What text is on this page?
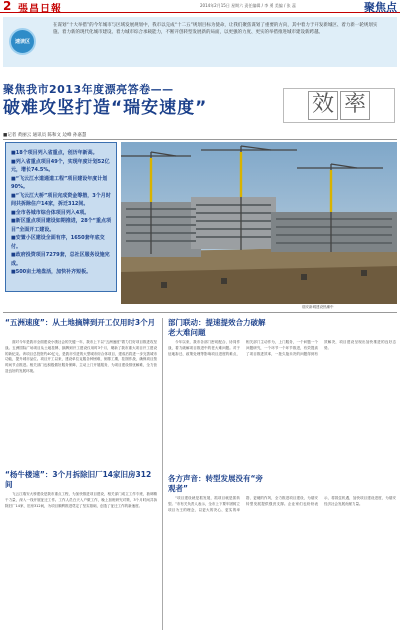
2 張昌日報	2014年2月15日 星期六 责任编辑 / 李 勇 美编 / 张 蕊	聚焦点
速读区
在谋划“十大举措”的今年城市与区域发展规划中，我市以完成“十二五”规划目标为使命，让我们聚焦谋划了重要的方向，其中着力于开发新城区、着力新一轮规划实施、着力新的现代化城市建设、着力城市综合承载能力，不断开创转型发展新的局面，以更强的力度、更实的举措推进城市建设新跨越。
聚焦我市2013年度漂亮答卷——
破难攻坚打造“瑞安速度”	效 率
■记者 黄丽云 通讯员 陈和文 边峰 孙嘉慧

■18个项目列入省重点，创历年新高。

■列入省重点项目49个，实现年度计划52亿元，增长74.5%。

■“飞云江水道通道工程”项目建设年度计划90%。

■“飞云江大桥”项目完成资金筹措，3个月时间共拆除住户14家，拆迁312间。

■全市各城市综合体项目列入4项。

■新区重点项目建设如期推进，28个“重点项目”全面开工建设。

■安置小区建设全面有序，1650套年底交付。

■政府投资项目7279套，总社区服务设施完成。

■500亩土地盘活，加快补齐短板。

瑞安新城建设热潮中
“五洲速度”：从土地摘牌到开工仅用时3个月

面对今年是我市全面建设小康社会的关键一年，我市上下以“五洲速度”着力打好项目推进攻坚战。五洲国际广场项目从土地挂牌、摘牌到开工建设仅用时3个月，刷新了我市重大项目开工建设的新纪录。该项目总投资约40亿元，是我市引进的大型城市综合体项目，建成后将进一步完善城市功能，提升城市品位。项目开工以来，建设单位克服各种困难，倒排工期，挂图作战，确保项目按时间节点推进。相关部门也积极做好服务保障，主动上门开展服务，为项目建设排忧解难，全力营造良好的发展环境。

“杨牛楼速”：3个月拆除旧厂14家旧房312间

飞云江瑞安大桥建设是我市重点工程，为加快推进项目建设，相关部门成立工作专班，抽调精干力量，深入一线开展征迁工作。工作人员白天入户做工作，晚上加班研究对策，3个月时间共拆除旧厂14家、旧房312间，为项目顺利推进奠定了坚实基础，创造了征迁工作的新速度。

部门联动：提速提效合力破解老大难问题

今年以来，我市各部门密切配合、协同作战，着力破解项目推进中的老大难问题。对于征地拆迁、政策处理等影响项目进度的难点，相关部门主动作为，上门服务，一个问题一个问题研究，一个环节一个环节推进，有效提高了项目推进效率，一批久拖未决的问题得到有效解决，项目建设呈现出加快推进的良好态势。

各方声音：转型发展没有“旁观者”

“项目建设就是抓发展，抓项目就是抓转型。”市有关负责人表示，全市上下要牢固树立项目为王的理念，以更大的决心、更实的举措、更硬的作风，全力推进项目建设，为瑞安转型发展提供强劲支撑。企业家们也纷纷表示，将抓住机遇，加快项目建设进度，为瑞安经济社会发展贡献力量。
